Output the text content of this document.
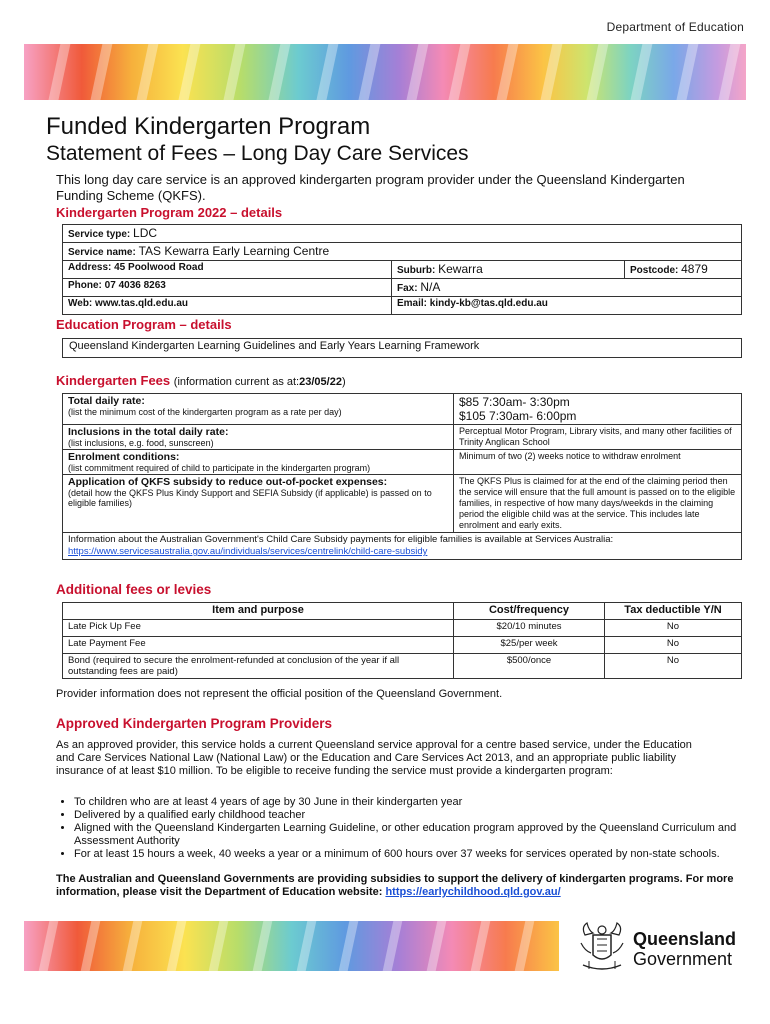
Department of Education
Funded Kindergarten Program
Statement of Fees – Long Day Care Services

This long day care service is an approved kindergarten program provider under the Queensland Kindergarten Funding Scheme (QKFS).

Kindergarten Program 2022 – details

Service type: LDC		
Service name: TAS Kewarra Early Learning Centre		
Address: 45 Poolwood Road	Suburb: Kewarra	Postcode: 4879
Phone: 07 4036 8263	Fax: N/A	
Web: www.tas.qld.edu.au	Email: kindy-kb@tas.qld.edu.au	

Education Program – details

Queensland Kindergarten Learning Guidelines and Early Years Learning Framework

Kindergarten Fees (information current as at:23/05/22)

Total daily rate:
(list the minimum cost of the kindergarten program as a rate per day)	$85 7:30am- 3:30pm
$105 7:30am- 6:00pm

Inclusions in the total daily rate:
(list inclusions, e.g. food, sunscreen)	Perceptual Motor Program, Library visits, and many other facilities of Trinity Anglican School

Enrolment conditions:
(list commitment required of child to participate in the kindergarten program)	Minimum of two (2) weeks notice to withdraw enrolment

Application of QKFS subsidy to reduce out-of-pocket expenses:
(detail how the QKFS Plus Kindy Support and SEFIA Subsidy (if applicable) is passed on to eligible families)	The QKFS Plus is claimed for at the end of the claiming period then the service will ensure that the full amount is passed on to the eligible families, in respective of how many days/weekds in the claiming period the eligible child was at the service. This includes late enrolment and early exits.
Information about the Australian Government's Child Care Subsidy payments for eligible families is available at Services Australia:
https://www.servicesaustralia.gov.au/individuals/services/centrelink/child-care-subsidy	

Additional fees or levies

Item and purpose	Cost/frequency	Tax deductible Y/N
Late Pick Up Fee	$20/10 minutes	No
Late Payment Fee	$25/per week	No
Bond (required to secure the enrolment-refunded at conclusion of the year if all outstanding fees are paid)	$500/once	No

Provider information does not represent the official position of the Queensland Government.

Approved Kindergarten Program Providers

As an approved provider, this service holds a current Queensland service approval for a centre based service, under the Education and Care Services National Law (National Law) or the Education and Care Services Act 2013, and an appropriate public liability insurance of at least $10 million. To be eligible to receive funding the service must provide a kindergarten program:

• To children who are at least 4 years of age by 30 June in their kindergarten year
• Delivered by a qualified early childhood teacher
• Aligned with the Queensland Kindergarten Learning Guideline, or other education program approved by the Queensland Curriculum and Assessment Authority
• For at least 15 hours a week, 40 weeks a year or a minimum of 600 hours over 37 weeks for services operated by non-state schools.

The Australian and Queensland Governments are providing subsidies to support the delivery of kindergarten programs. For more information, please visit the Department of Education website: https://earlychildhood.qld.gov.au/

Queensland
Government
